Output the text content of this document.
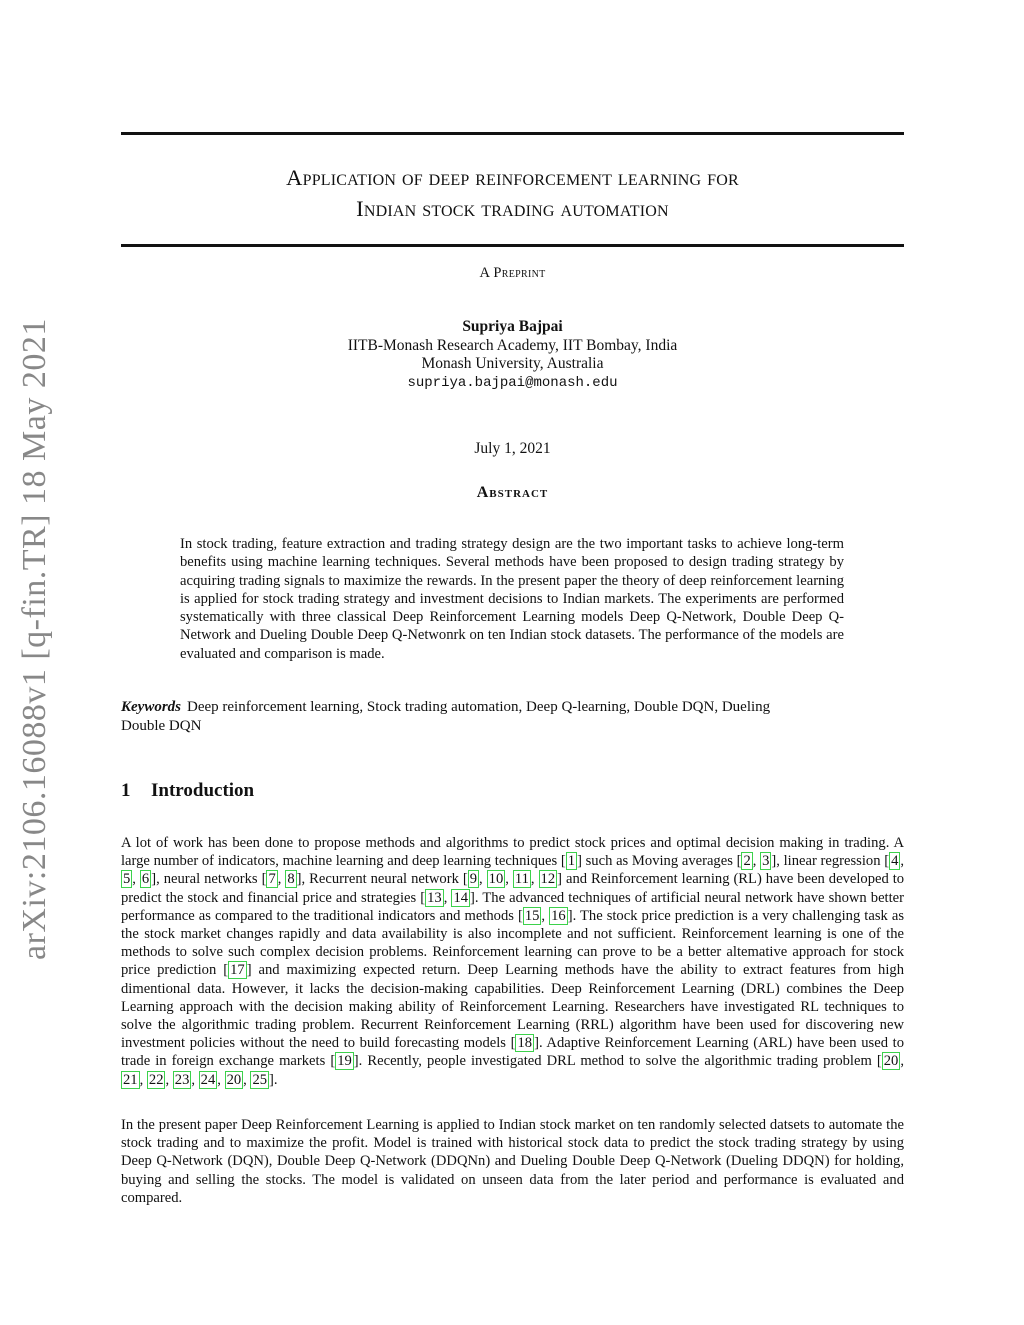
arXiv:2106.16088v1 [q-fin.TR] 18 May 2021
Application of deep reinforcement learning for
Indian stock trading automation
A Preprint
Supriya Bajpai
IITB-Monash Research Academy, IIT Bombay, India
Monash University, Australia
supriya.bajpai@monash.edu
July 1, 2021
Abstract
In stock trading, feature extraction and trading strategy design are the two important tasks to achieve long-term benefits using machine learning techniques. Several methods have been proposed to design trading strategy by acquiring trading signals to maximize the rewards. In the present paper the theory of deep reinforcement learning is applied for stock trading strategy and investment decisions to Indian markets. The experiments are performed systematically with three classical Deep Reinforcement Learning models Deep Q-Network, Double Deep Q-Network and Dueling Double Deep Q-Netwonrk on ten Indian stock datasets. The performance of the models are evaluated and comparison is made.
Keywords Deep reinforcement learning, Stock trading automation, Deep Q-learning, Double DQN, Dueling Double DQN
1 Introduction
A lot of work has been done to propose methods and algorithms to predict stock prices and optimal decision making in trading. A large number of indicators, machine learning and deep learning techniques [ 1 ] such as Moving averages [ 2 , 3 ], linear regression [ 4 , 5 , 6 ], neural networks [ 7 , 8 ], Recurrent neural network [ 9 , 10 , 11 , 12 ] and Reinforcement learning (RL) have been developed to predict the stock and financial price and strategies [ 13 , 14 ]. The advanced techniques of artificial neural network have shown better performance as compared to the traditional indicators and methods [ 15 , 16 ]. The stock price prediction is a very challenging task as the stock market changes rapidly and data availability is also incomplete and not sufficient. Reinforcement learning is one of the methods to solve such complex decision problems. Reinforcement learning can prove to be a better altemative approach for stock price prediction [ 17 ] and maximizing expected return. Deep Learning methods have the ability to extract features from high dimentional data. However, it lacks the decision-making capabilities. Deep Reinforcement Learning (DRL) combines the Deep Learning approach with the decision making ability of Reinforcement Learning. Researchers have investigated RL techniques to solve the algorithmic trading problem. Recurrent Reinforcement Learning (RRL) algorithm have been used for discovering new investment policies without the need to build forecasting models [ 18 ]. Adaptive Reinforcement Learning (ARL) have been used to trade in foreign exchange markets [ 19 ]. Recently, people investigated DRL method to solve the algorithmic trading problem [ 20 , 21 , 22 , 23 , 24 , 20 , 25 ].
In the present paper Deep Reinforcement Learning is applied to Indian stock market on ten randomly selected datsets to automate the stock trading and to maximize the profit. Model is trained with historical stock data to predict the stock trading strategy by using Deep Q-Network (DQN), Double Deep Q-Network (DDQNn) and Dueling Double Deep Q-Network (Dueling DDQN) for holding, buying and selling the stocks. The model is validated on unseen data from the later period and performance is evaluated and compared.
